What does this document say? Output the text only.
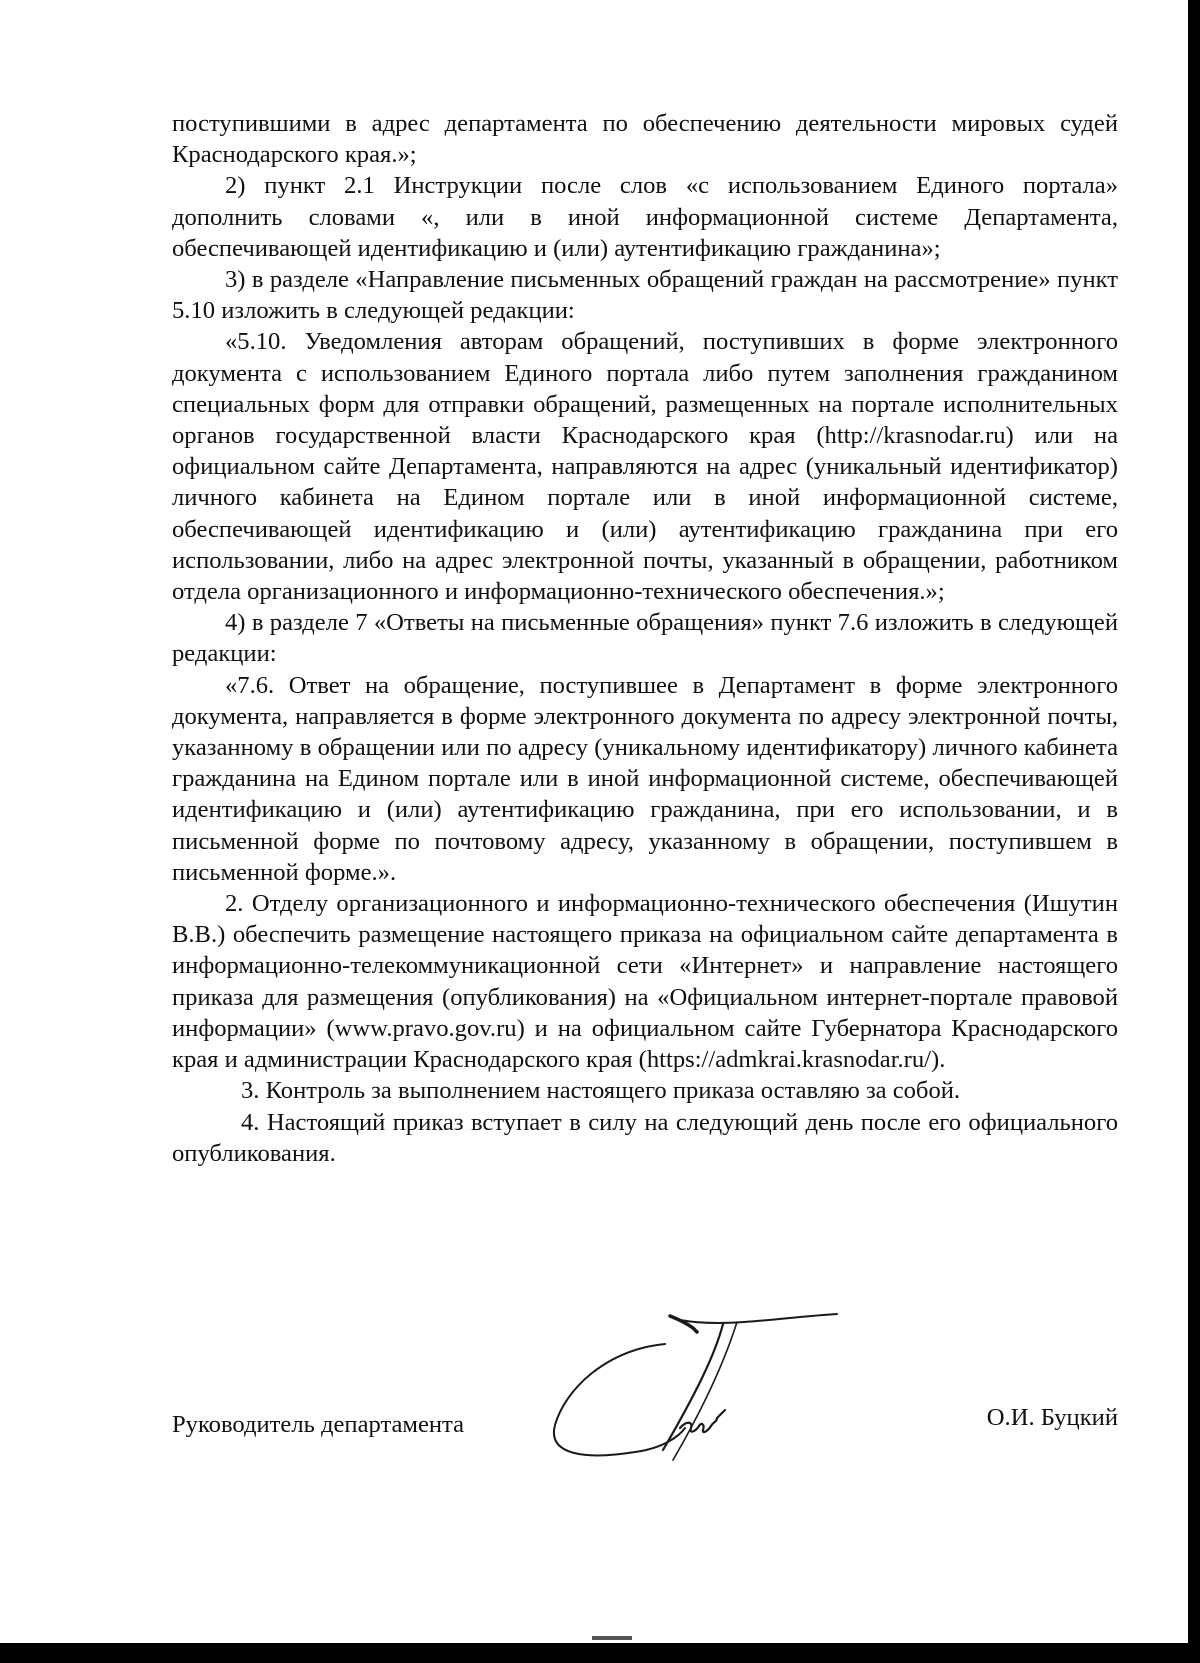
поступившими в адрес департамента по обеспечению деятельности мировых судей Краснодарского края.»;

2) пункт 2.1 Инструкции после слов «с использованием Единого портала» дополнить словами «, или в иной информационной системе Департамента, обеспечивающей идентификацию и (или) аутентификацию гражданина»;

3) в разделе «Направление письменных обращений граждан на рассмотрение» пункт 5.10 изложить в следующей редакции:

«5.10. Уведомления авторам обращений, поступивших в форме электронного документа с использованием Единого портала либо путем заполнения гражданином специальных форм для отправки обращений, размещенных на портале исполнительных органов государственной власти Краснодарского края (http://krasnodar.ru) или на официальном сайте Департамента, направляются на адрес (уникальный идентификатор) личного кабинета на Едином портале или в иной информационной системе, обеспечивающей идентификацию и (или) аутентификацию гражданина при его использовании, либо на адрес электронной почты, указанный в обращении, работником отдела организационного и информационно-технического обеспечения.»;

4) в разделе 7 «Ответы на письменные обращения» пункт 7.6 изложить в следующей редакции:

«7.6. Ответ на обращение, поступившее в Департамент в форме электронного документа, направляется в форме электронного документа по адресу электронной почты, указанному в обращении или по адресу (уникальному идентификатору) личного кабинета гражданина на Едином портале или в иной информационной системе, обеспечивающей идентификацию и (или) аутентификацию гражданина, при его использовании, и в письменной форме по почтовому адресу, указанному в обращении, поступившем в письменной форме.».

2. Отделу организационного и информационно-технического обеспечения (Ишутин В.В.) обеспечить размещение настоящего приказа на официальном сайте департамента в информационно-телекоммуникационной сети «Интернет» и направление настоящего приказа для размещения (опубликования) на «Официальном интернет-портале правовой информации» (www.pravo.gov.ru) и на официальном сайте Губернатора Краснодарского края и администрации Краснодарского края (https://admkrai.krasnodar.ru/).

3. Контроль за выполнением настоящего приказа оставляю за собой.

4. Настоящий приказ вступает в силу на следующий день после его официального опубликования.

Руководитель департамента	О.И. Буцкий
